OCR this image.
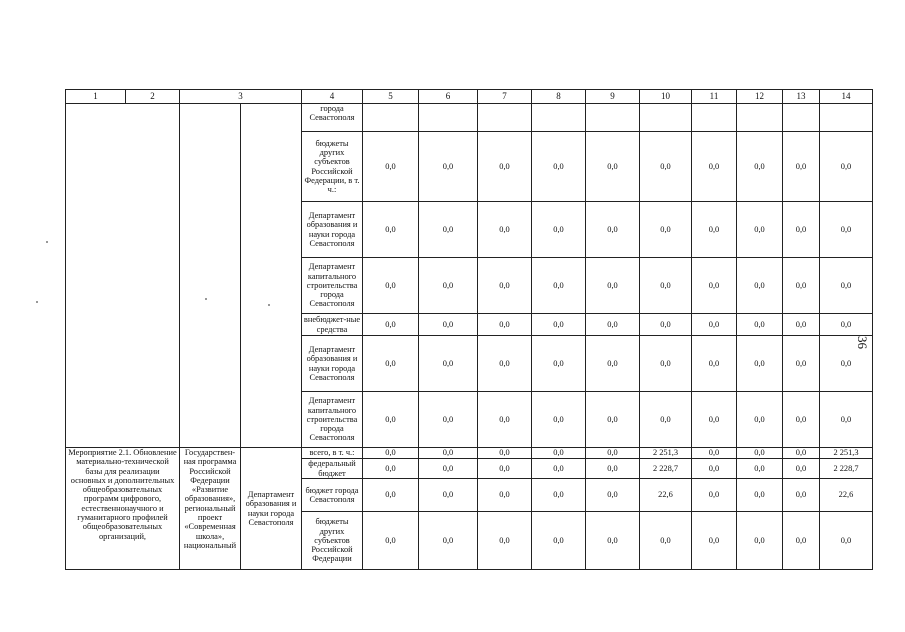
36
1	2	3		4	5	6	7	8	9	10	11	12	13	14
				города Севастополя										
				бюджеты других субъектов Российской Федерации, в т. ч.:	0,0	0,0	0,0	0,0	0,0	0,0	0,0	0,0	0,0	0,0
				Департамент образования и науки города Севастополя	0,0	0,0	0,0	0,0	0,0	0,0	0,0	0,0	0,0	0,0
				Департамент капитального строительства города Севастополя	0,0	0,0	0,0	0,0	0,0	0,0	0,0	0,0	0,0	0,0
				внебюджет-ные средства	0,0	0,0	0,0	0,0	0,0	0,0	0,0	0,0	0,0	0,0
				Департамент образования и науки города Севастополя	0,0	0,0	0,0	0,0	0,0	0,0	0,0	0,0	0,0	0,0
				Департамент капитального строительства города Севастополя	0,0	0,0	0,0	0,0	0,0	0,0	0,0	0,0	0,0	0,0
Мероприятие 2.1. Обновление материально-технической базы для реализации основных и дополнительных общеобразовательных программ цифрового, естественнонаучного и гуманитарного профилей общеобразовательных организаций,		Государствен-ная программа Российской Федерации «Развитие образования», региональный проект «Современная школа», национальный	Департамент образования и науки города Севастополя	всего, в т. ч.:	0,0	0,0	0,0	0,0	0,0	2 251,3	0,0	0,0	0,0	2 251,3
				федеральный бюджет	0,0	0,0	0,0	0,0	0,0	2 228,7	0,0	0,0	0,0	2 228,7
				бюджет города Севастополя	0,0	0,0	0,0	0,0	0,0	22,6	0,0	0,0	0,0	22,6
				бюджеты других субъектов Российской Федерации	0,0	0,0	0,0	0,0	0,0	0,0	0,0	0,0	0,0	0,0
